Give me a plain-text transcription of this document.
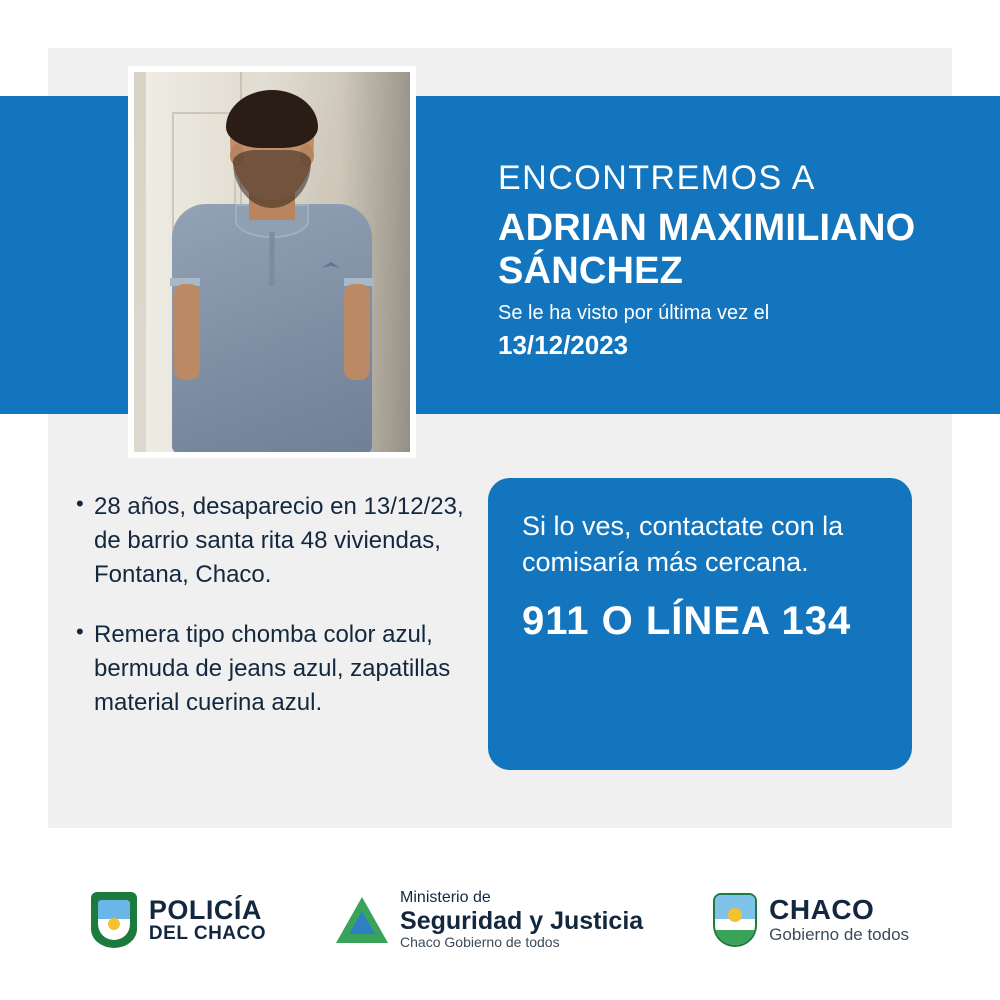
ENCONTREMOS A
ADRIAN MAXIMILIANO SÁNCHEZ
Se le ha visto por última vez el
13/12/2023
• 28 años, desaparecio en 13/12/23, de barrio santa rita 48 viviendas, Fontana, Chaco.
• Remera tipo chomba color azul, bermuda de jeans azul, zapatillas material cuerina azul.
Si lo ves, contactate con la comisaría más cercana.
911 O LÍNEA 134
POLICÍA
DEL CHACO
Ministerio de
Seguridad y Justicia
Chaco Gobierno de todos
CHACO
Gobierno de todos
